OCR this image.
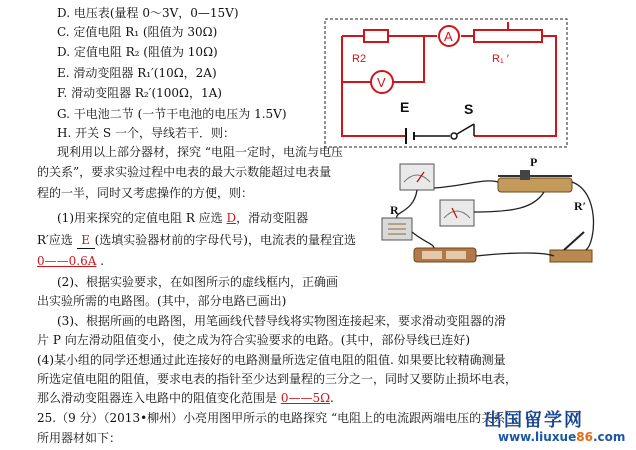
D. 电压表(量程 0～3V，0—15V)
C. 定值电阻 R₁ (阻值为 30Ω)
D. 定值电阻 R₂ (阻值为 10Ω)
E. 滑动变阻器 R₁′(10Ω，2A)
F. 滑动变阻器 R₂′(100Ω，1A)
G. 干电池二节 (一节干电池的电压为 1.5V)
H. 开关 S 一个，导线若干．则：
现利用以上部分器材，探究 “电阻一定时，电流与电压
的关系”，要求实验过程中电表的最大示数能超过电表量
程的一半，同时又考虑操作的方便，则：
(1)用来探究的定值电阻 R 应选 D，滑动变阻器
R′应选 E (选填实验器材前的字母代号)，电流表的量程宜选
0——0.6A .
(2)、根据实验要求，在如图所示的虚线框内，正确画
出实验所需的电路图。(其中，部分电路已画出)
(3)、根据所画的电路图，用笔画线代替导线将实物图连接起来，要求滑动变阻器的滑
片 P 向左滑动阻值变小，使之成为符合实验要求的电路。(其中，部份导线已连好)
(4)某小组的同学还想通过此连接好的电路测量所选定值电阻的阻值. 如果要比较精确测量
所选定值电阻的阻值，要求电表的指针至少达到量程的三分之一，同时又要防止损坏电表，
那么滑动变阻器连入电路中的阻值变化范围是 0——5Ω.
25.（9 分）（2013•柳州）小亮用图甲所示的电路探究 “电阻上的电流跟两端电压的关系”，
所用器材如下：
R2
A
V
R₁ ′
E	S
P
R′
R
出国留学网
www.liuxue86.com
